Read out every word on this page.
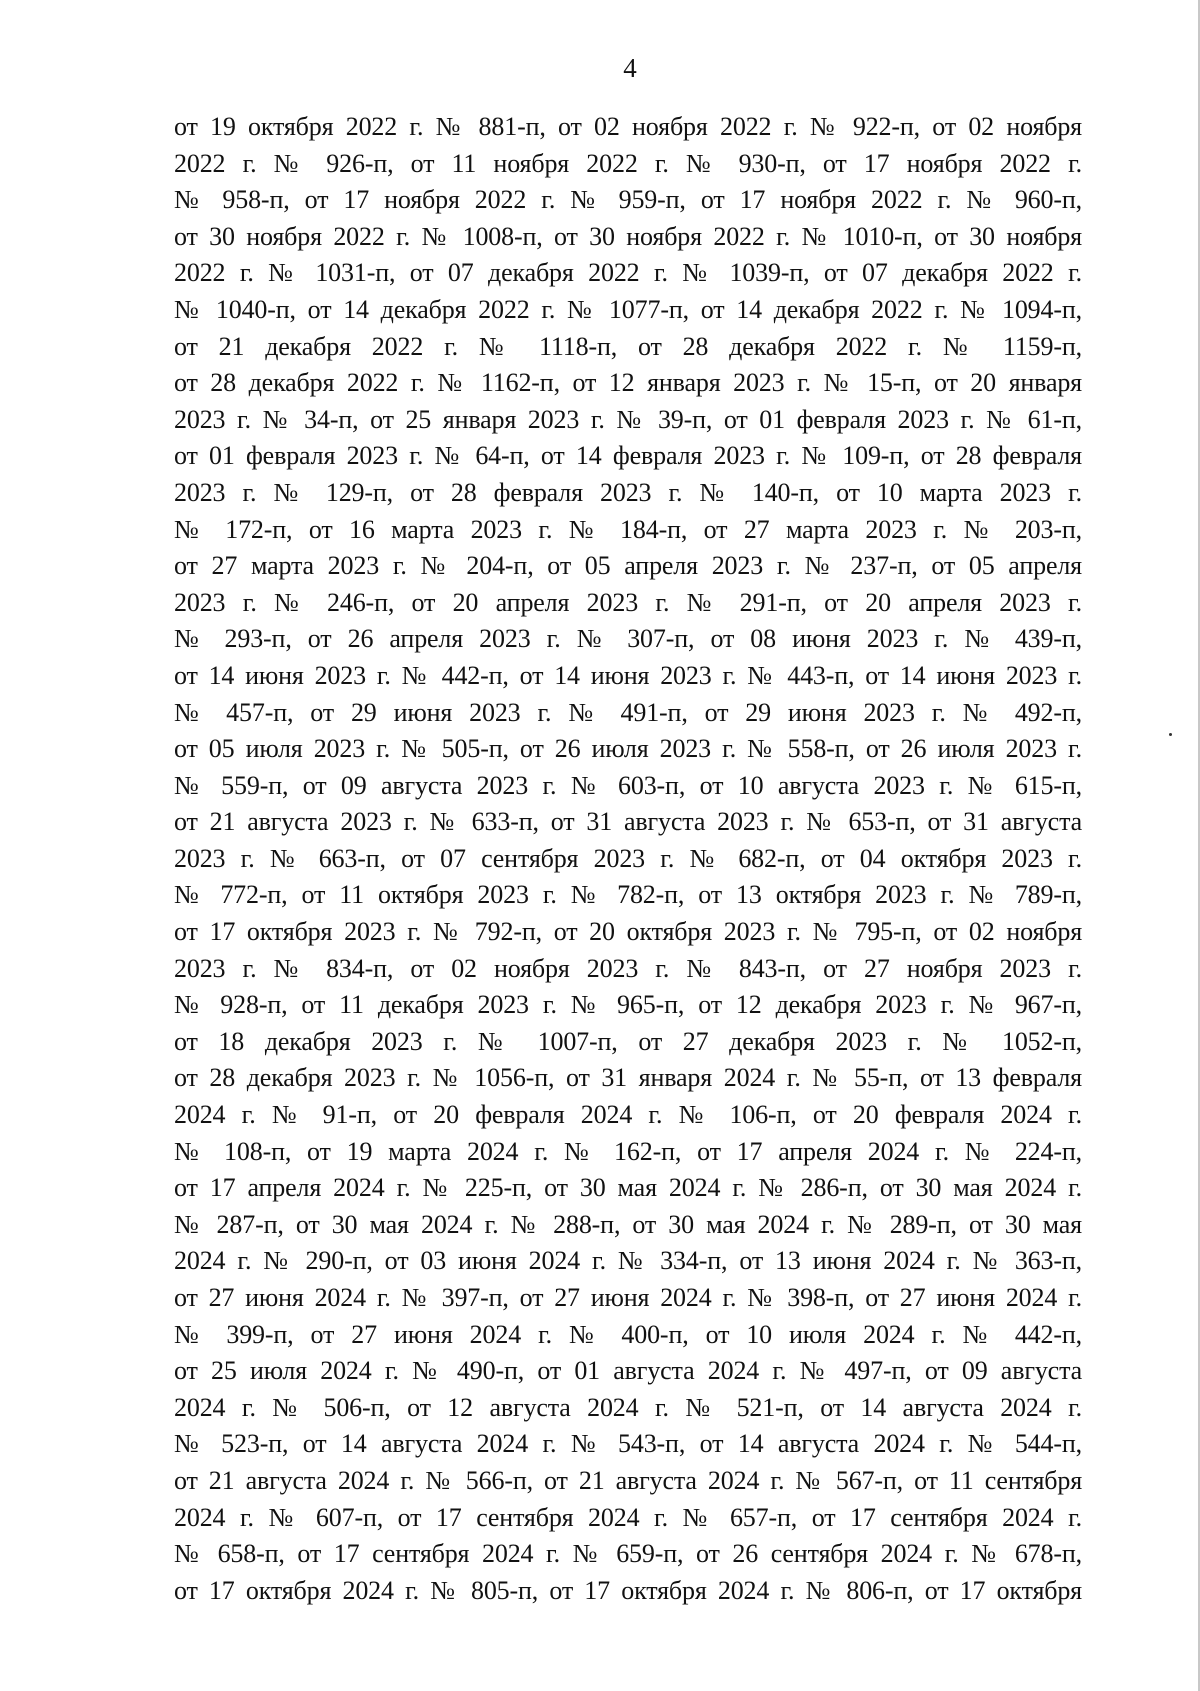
4
от 19 октября 2022 г. № 881-п, от 02 ноября 2022 г. № 922-п, от 02 ноября
2022 г. № 926-п, от 11 ноября 2022 г. № 930-п, от 17 ноября 2022 г.
№ 958-п, от 17 ноября 2022 г. № 959-п, от 17 ноября 2022 г. № 960-п,
от 30 ноября 2022 г. № 1008-п, от 30 ноября 2022 г. № 1010-п, от 30 ноября
2022 г. № 1031-п, от 07 декабря 2022 г. № 1039-п, от 07 декабря 2022 г.
№ 1040-п, от 14 декабря 2022 г. № 1077-п, от 14 декабря 2022 г. № 1094-п,
от 21 декабря 2022 г. № 1118-п, от 28 декабря 2022 г. № 1159-п,
от 28 декабря 2022 г. № 1162-п, от 12 января 2023 г. № 15-п, от 20 января
2023 г. № 34-п, от 25 января 2023 г. № 39-п, от 01 февраля 2023 г. № 61-п,
от 01 февраля 2023 г. № 64-п, от 14 февраля 2023 г. № 109-п, от 28 февраля
2023 г. № 129-п, от 28 февраля 2023 г. № 140-п, от 10 марта 2023 г.
№ 172-п, от 16 марта 2023 г. № 184-п, от 27 марта 2023 г. № 203-п,
от 27 марта 2023 г. № 204-п, от 05 апреля 2023 г. № 237-п, от 05 апреля
2023 г. № 246-п, от 20 апреля 2023 г. № 291-п, от 20 апреля 2023 г.
№ 293-п, от 26 апреля 2023 г. № 307-п, от 08 июня 2023 г. № 439-п,
от 14 июня 2023 г. № 442-п, от 14 июня 2023 г. № 443-п, от 14 июня 2023 г.
№ 457-п, от 29 июня 2023 г. № 491-п, от 29 июня 2023 г. № 492-п,
от 05 июля 2023 г. № 505-п, от 26 июля 2023 г. № 558-п, от 26 июля 2023 г.
№ 559-п, от 09 августа 2023 г. № 603-п, от 10 августа 2023 г. № 615-п,
от 21 августа 2023 г. № 633-п, от 31 августа 2023 г. № 653-п, от 31 августа
2023 г. № 663-п, от 07 сентября 2023 г. № 682-п, от 04 октября 2023 г.
№ 772-п, от 11 октября 2023 г. № 782-п, от 13 октября 2023 г. № 789-п,
от 17 октября 2023 г. № 792-п, от 20 октября 2023 г. № 795-п, от 02 ноября
2023 г. № 834-п, от 02 ноября 2023 г. № 843-п, от 27 ноября 2023 г.
№ 928-п, от 11 декабря 2023 г. № 965-п, от 12 декабря 2023 г. № 967-п,
от 18 декабря 2023 г. № 1007-п, от 27 декабря 2023 г. № 1052-п,
от 28 декабря 2023 г. № 1056-п, от 31 января 2024 г. № 55-п, от 13 февраля
2024 г. № 91-п, от 20 февраля 2024 г. № 106-п, от 20 февраля 2024 г.
№ 108-п, от 19 марта 2024 г. № 162-п, от 17 апреля 2024 г. № 224-п,
от 17 апреля 2024 г. № 225-п, от 30 мая 2024 г. № 286-п, от 30 мая 2024 г.
№ 287-п, от 30 мая 2024 г. № 288-п, от 30 мая 2024 г. № 289-п, от 30 мая
2024 г. № 290-п, от 03 июня 2024 г. № 334-п, от 13 июня 2024 г. № 363-п,
от 27 июня 2024 г. № 397-п, от 27 июня 2024 г. № 398-п, от 27 июня 2024 г.
№ 399-п, от 27 июня 2024 г. № 400-п, от 10 июля 2024 г. № 442-п,
от 25 июля 2024 г. № 490-п, от 01 августа 2024 г. № 497-п, от 09 августа
2024 г. № 506-п, от 12 августа 2024 г. № 521-п, от 14 августа 2024 г.
№ 523-п, от 14 августа 2024 г. № 543-п, от 14 августа 2024 г. № 544-п,
от 21 августа 2024 г. № 566-п, от 21 августа 2024 г. № 567-п, от 11 сентября
2024 г. № 607-п, от 17 сентября 2024 г. № 657-п, от 17 сентября 2024 г.
№ 658-п, от 17 сентября 2024 г. № 659-п, от 26 сентября 2024 г. № 678-п,
от 17 октября 2024 г. № 805-п, от 17 октября 2024 г. № 806-п, от 17 октября
